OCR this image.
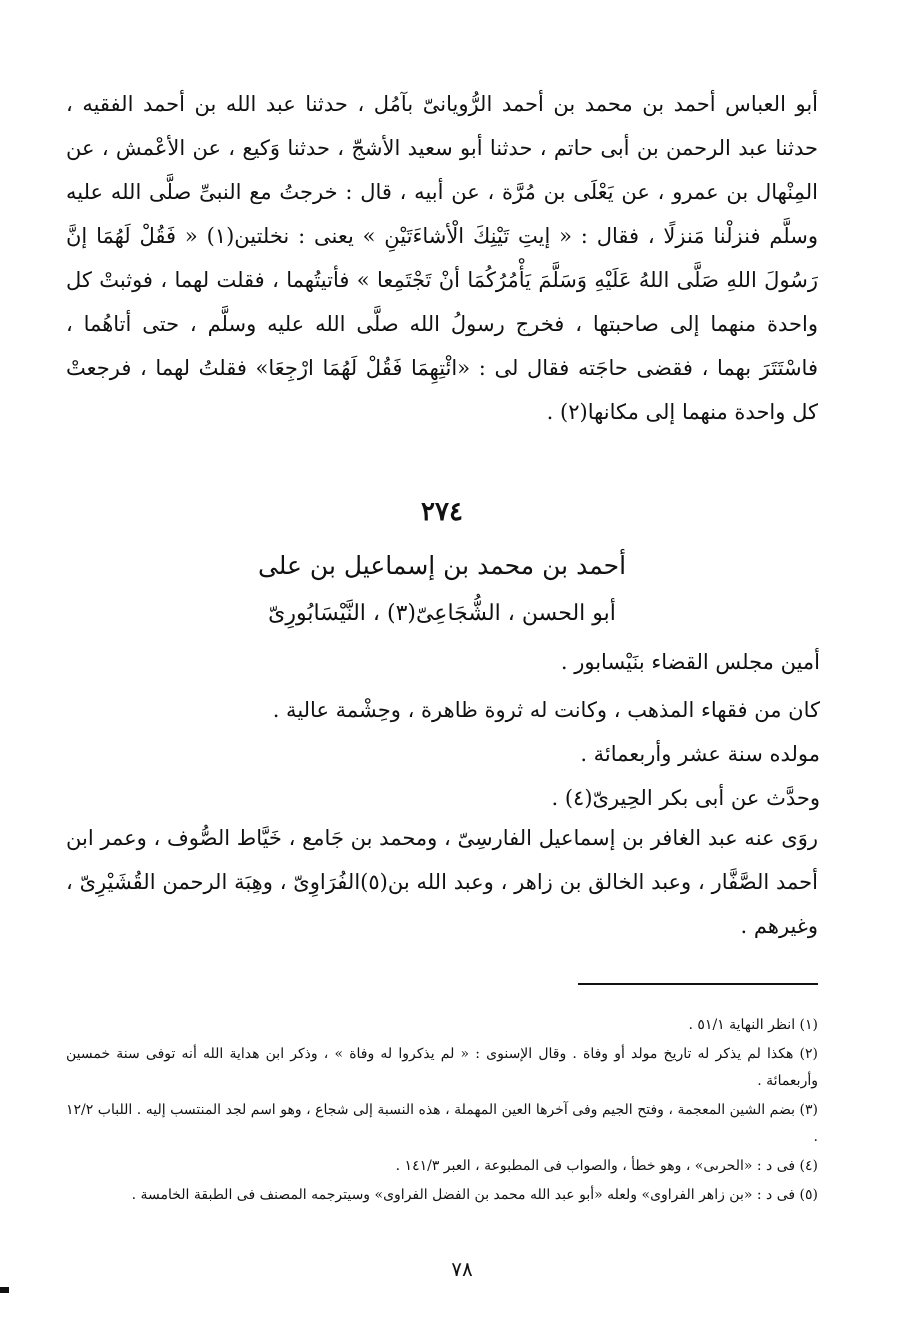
أبو العباس أحمد بن محمد بن أحمد الرُّويانىّ بآمُل ، حدثنا عبد الله بن أحمد الفقيه ، حدثنا عبد الرحمن بن أبى حاتم ، حدثنا أبو سعيد الأشجّ ، حدثنا وَكيع ، عن الأعْمش ، عن المِنْهال بن عمرو ، عن يَعْلَى بن مُرَّة ، عن أبيه ، قال : خرجتُ مع النبىِّ صلَّى الله عليه وسلَّم فنزلْنا مَنزلًا ، فقال : « إيتِ تَيْنِكَ الْأشاءَتَيْنِ » يعنى : نخلتين(١) « فَقُلْ لَهُمَا إنَّ رَسُولَ اللهِ صَلَّى اللهُ عَلَيْهِ وَسَلَّمَ يَأْمُرُكُمَا أنْ تَجْتَمِعا » فأتيتُهما ، فقلت لهما ، فوثبتْ كل واحدة منهما إلى صاحبتها ، فخرج رسولُ الله صلَّى الله عليه وسلَّم ، حتى أتاهُما ، فاسْتَتَرَ بهما ، فقضى حاجَته فقال لى : «ائْتِهِمَا فَقُلْ لَهُمَا ارْجِعَا» فقلتُ لهما ، فرجعتْ كل واحدة منهما إلى مكانها(٢) .
٢٧٤
أحمد بن محمد بن إسماعيل بن على
أبو الحسن ، الشُّجَاعِىّ(٣) ، النَّيْسَابُورِىّ
أمين مجلس القضاء بنَيْسابور .
كان من فقهاء المذهب ، وكانت له ثروة ظاهرة ، وحِشْمة عالية .
مولده سنة عشر وأربعمائة .
وحدَّث عن أبى بكر الحِيرىّ(٤) .
روَى عنه عبد الغافر بن إسماعيل الفارسِىّ ، ومحمد بن جَامع ، خَيَّاط الصُّوف ، وعمر ابن أحمد الصَّفَّار ، وعبد الخالق بن زاهر ، وعبد الله بن(٥)الفُرَاوِىّ ، وهِبَة الرحمن القُشَيْرِىّ ، وغيرهم .

(١) انظر النهاية ٥١/١ .

(٢) هكذا لم يذكر له تاريخ مولد أو وفاة . وقال الإسنوى : « لم يذكروا له وفاة » ، وذكر ابن هداية الله أنه توفى سنة خمسين وأربعمائة .

(٣) بضم الشين المعجمة ، وفتح الجيم وفى آخرها العين المهملة ، هذه النسبة إلى شجاع ، وهو اسم لجد المنتسب إليه . اللباب ١٢/٢ .

(٤) فى د : «الحرىى» ، وهو خطأ ، والصواب فى المطبوعة ، العبر ١٤١/٣ .

(٥) فى د : «بن زاهر الفراوى» ولعله «أبو عبد الله محمد بن الفضل الفراوى» وسيترجمه المصنف فى الطبقة الخامسة .

٧٨
